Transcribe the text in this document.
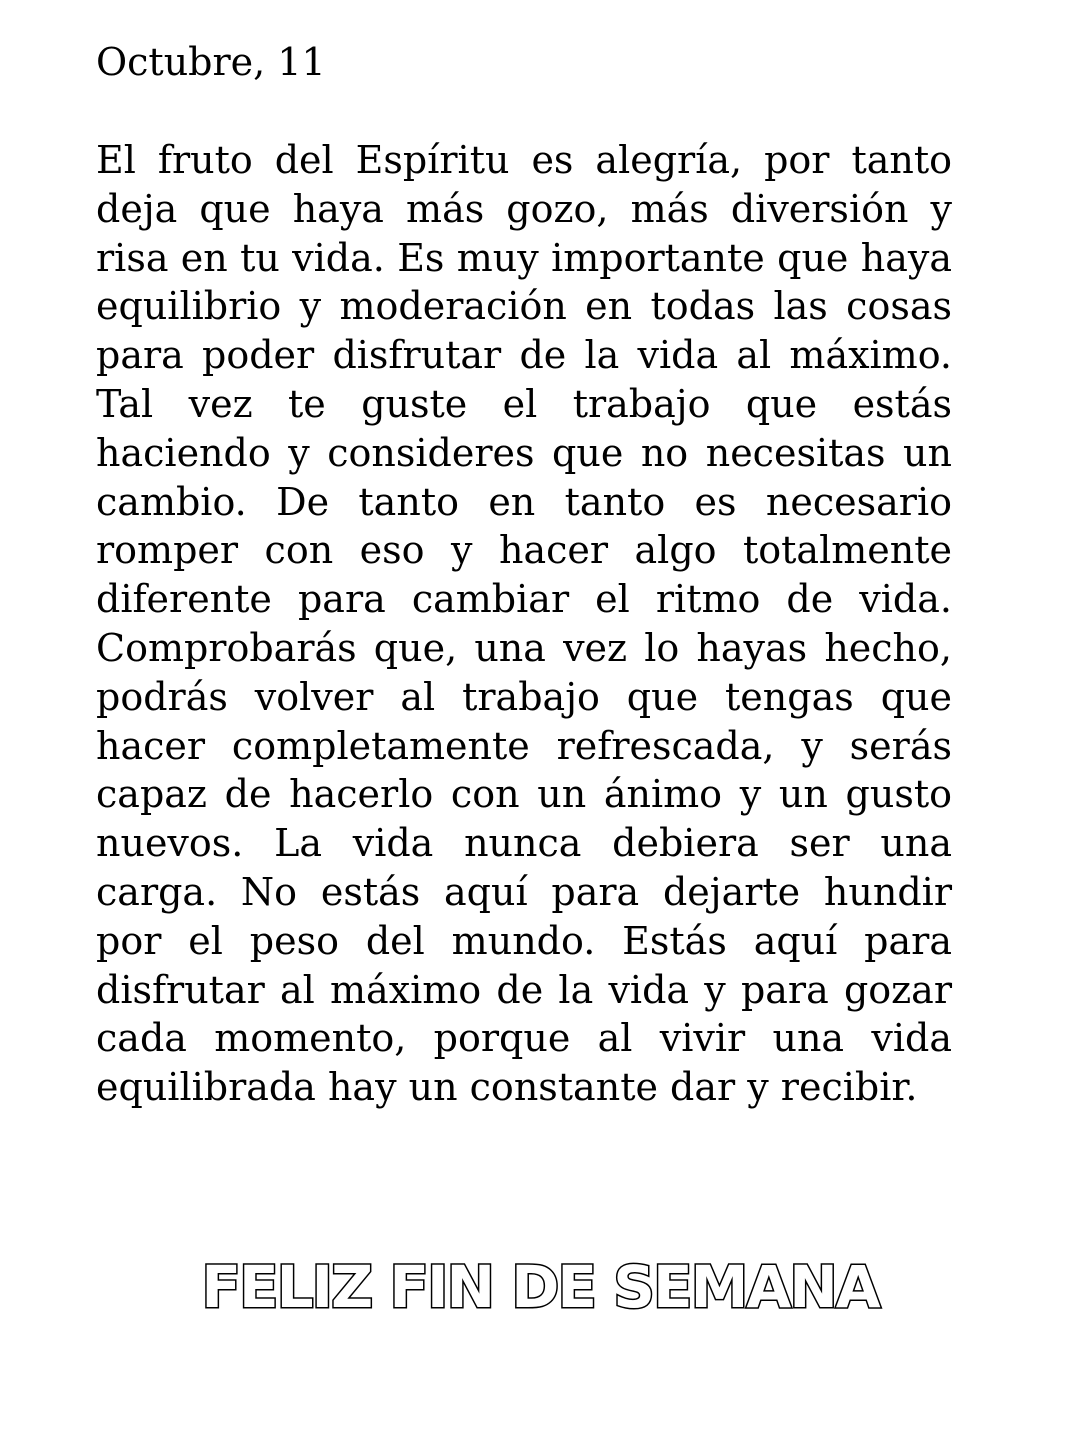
Octubre, 11

El fruto del Espíritu es alegría, por tanto deja que haya más gozo, más diversión y risa en tu vida. Es muy importante que haya equilibrio y moderación en todas las cosas para poder disfrutar de la vida al máximo. Tal vez te guste el trabajo que estás haciendo y consideres que no necesitas un cambio. De tanto en tanto es necesario romper con eso y hacer algo totalmente diferente para cambiar el ritmo de vida. Comprobarás que, una vez lo hayas hecho, podrás volver al trabajo que tengas que hacer completamente refrescada, y serás capaz de hacerlo con un ánimo y un gusto nuevos. La vida nunca debiera ser una carga. No estás aquí para dejarte hundir por el peso del mundo. Estás aquí para disfrutar al máximo de la vida y para gozar cada momento, porque al vivir una vida equilibrada hay un constante dar y recibir.

FELIZ FIN DE SEMANA
